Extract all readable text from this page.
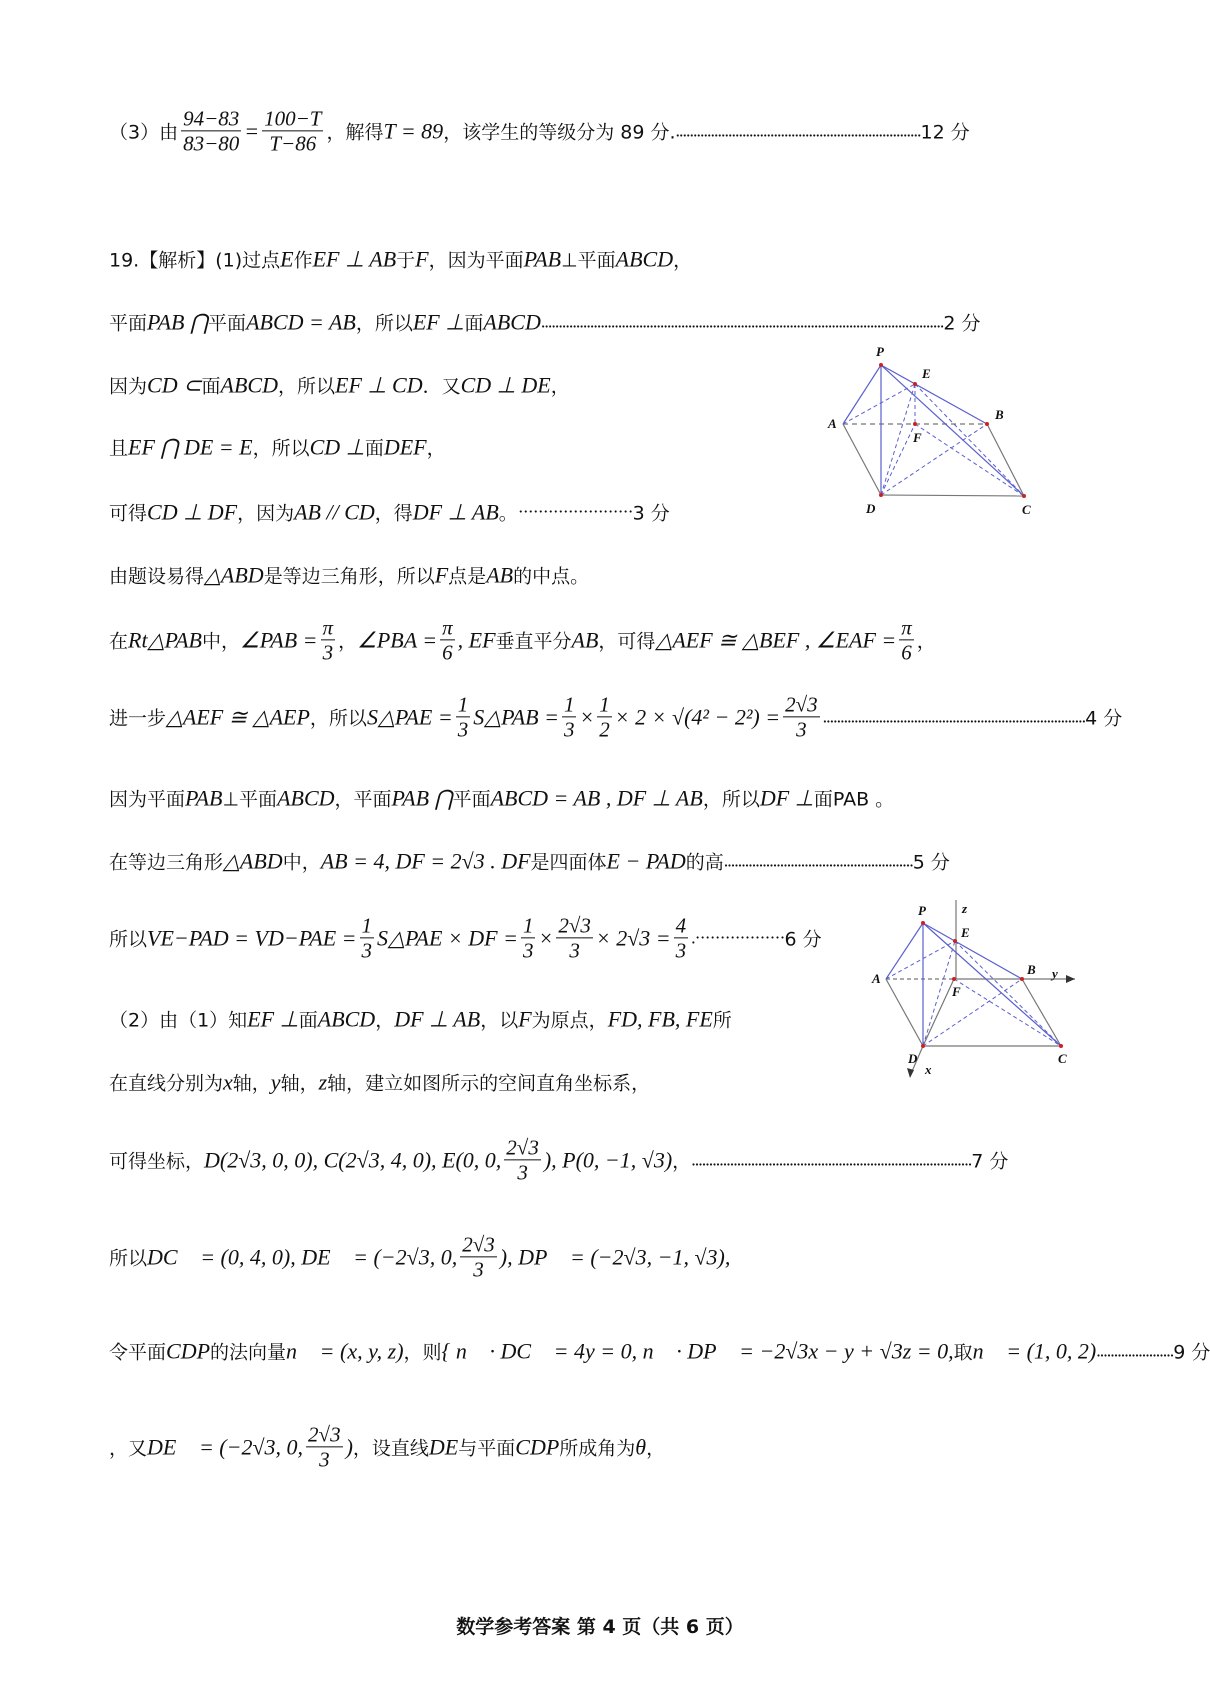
（3）由 $\frac{94-83}{83-80} = \frac{100-T}{T-86}$ ，解得 T = 89 ，该学生的等级分为 89 分. ...................................................................... 12 分
19.【解析】(1)过点 E 作 EF ⊥ AB 于 F ，因为平面 PAB ⊥平面 ABCD ，
平面 PAB ⋂ 平面 ABCD = AB ，所以 EF ⊥ 面 ABCD ................................................................................................................... 2 分
因为 CD ⊂ 面 ABCD ，所以 EF ⊥ CD ．又 CD ⊥ DE ，
且 EF ⋂ DE = E ，所以 CD ⊥ 面 DEF ，
可得 CD ⊥ DF ，因为 AB // CD ，得 DF ⊥ AB 。 ······················· 3 分
由题设易得 △ABD 是等边三角形，所以 F 点是 AB 的中点。
在 Rt△PAB 中， ∠PAB = $\frac{\pi}{3}$ ， ∠PBA = $\frac{\pi}{6}$ , EF 垂直平分 AB ，可得 △AEF ≅ △BEF , ∠EAF = $\frac{\pi}{6}$ ，
进一步 △AEF ≅ △AEP ，所以 S△PAE = $\frac{1}{3}$ S△PAB = $\frac{1}{3} \times \frac{1}{2} \times 2 \times √(4^2 - 2^2) = \frac{2√3}{3}$ ........................................................................... 4 分
因为平面 PAB ⊥平面 ABCD ，平面 PAB ⋂ 平面 ABCD = AB , DF ⊥ AB ，所以 DF ⊥ 面PAB 。
在等边三角形 △ABD 中， AB = 4, DF = 2√3 . DF 是四面体 E − PAD 的高 ...................................................... 5 分
所以 V E−PAD = V $D-PAE = \frac{1}{3}$ S△PAE × DF = $\frac{1}{3} \times \frac{2√3}{3} \times 2√3 = \frac{4}{3}$ .·················· 6 分
（2）由（1）知 EF ⊥ 面 ABCD ， DF ⊥ AB ，以 F 为原点， FD, FB, FE 所
在直线分别为 x 轴， y 轴， z 轴，建立如图所示的空间直角坐标系，
可得坐标， D(2√3, 0, 0), C(2√3, 4, 0), E(0, 0, $\frac{2√3}{3}$ ), P(0, −1, √3) ， ................................................................................ 7 分
所以 DC⃗ = (0, 4, 0), DE⃗ = (−2√3, 0, $\frac{2√3}{3}$ ), DP⃗ = (−2√3, −1, √3),
令平面 CDP 的法向量 n⃗ = (x, y, z) ，则 { n⃗ · DC⃗ = 4y = 0, n⃗ · DP⃗ = −2√3x − y + √3z = 0, 取 n⃗ = (1, 0, 2) ...................... 9 分
，又 DE⃗ = (−2√3, 0, $\frac{2√3}{3}$ ) ，设直线 DE 与平面 CDP 所成角为 θ ，
P
E
A
F
B
D	C
P
E
A
F
B
D	C
x
y
z
数学参考答案 第 4 页（共 6 页）
